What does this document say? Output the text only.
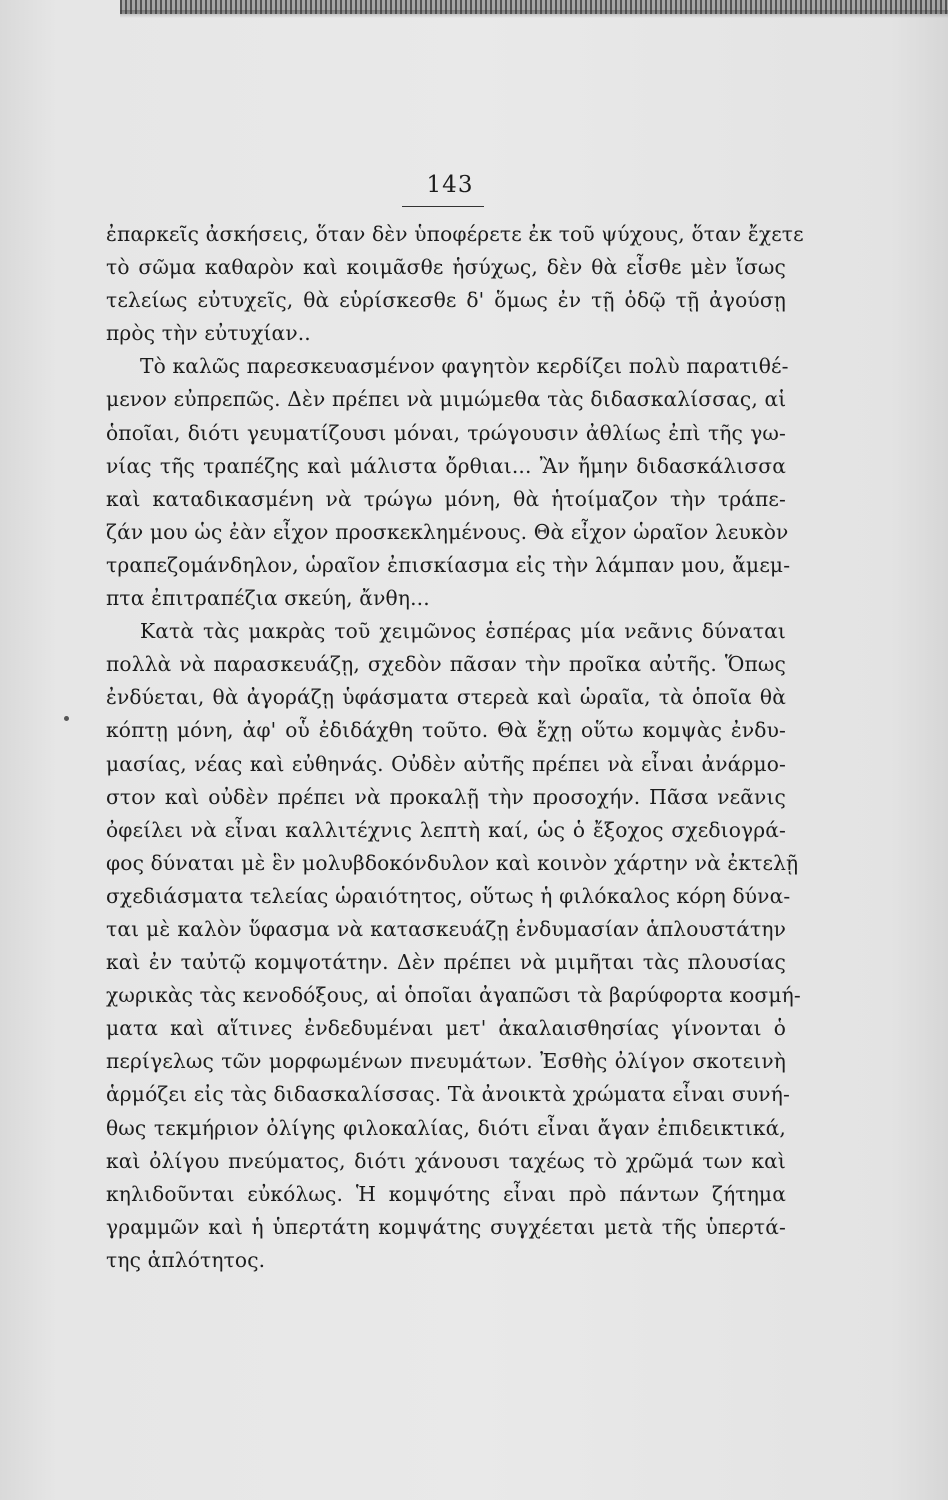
143
ἐπαρκεῖς ἀσκήσεις, ὅταν δὲν ὑποφέρετε ἐκ τοῦ ψύχους, ὅταν ἔχετε
τὸ σῶμα καθαρὸν καὶ κοιμᾶσθε ἡσύχως, δὲν θὰ εἶσθε μὲν ἴσως
τελείως εὐτυχεῖς, θὰ εὑρίσκεσθε δ' ὅμως ἐν τῇ ὁδῷ τῇ ἀγούσῃ
πρὸς τὴν εὐτυχίαν..
Τὸ καλῶς παρεσκευασμένον φαγητὸν κερδίζει πολὺ παρατιθέ-
μενον εὐπρεπῶς. Δὲν πρέπει νὰ μιμώμεθα τὰς διδασκαλίσσας, αἱ
ὁποῖαι, διότι γευματίζουσι μόναι, τρώγουσιν ἀθλίως ἐπὶ τῆς γω-
νίας τῆς τραπέζης καὶ μάλιστα ὄρθιαι... Ἂν ἤμην διδασκάλισσα
καὶ καταδικασμένη νὰ τρώγω μόνη, θὰ ἡτοίμαζον τὴν τράπε-
ζάν μου ὡς ἐὰν εἶχον προσκεκλημένους. Θὰ εἶχον ὡραῖον λευκὸν
τραπεζομάνδηλον, ὡραῖον ἐπισκίασμα εἰς τὴν λάμπαν μου, ἄμεμ-
πτα ἐπιτραπέζια σκεύη, ἄνθη...
Κατὰ τὰς μακρὰς τοῦ χειμῶνος ἑσπέρας μία νεᾶνις δύναται
πολλὰ νὰ παρασκευάζῃ, σχεδὸν πᾶσαν τὴν προῖκα αὐτῆς. Ὅπως
ἐνδύεται, θὰ ἀγοράζῃ ὑφάσματα στερεὰ καὶ ὡραῖα, τὰ ὁποῖα θὰ
κόπτῃ μόνη, ἀφ' οὗ ἐδιδάχθη τοῦτο. Θὰ ἔχῃ οὕτω κομψὰς ἐνδυ-
μασίας, νέας καὶ εὐθηνάς. Οὐδὲν αὐτῆς πρέπει νὰ εἶναι ἀνάρμο-
στον καὶ οὐδὲν πρέπει νὰ προκαλῇ τὴν προσοχήν. Πᾶσα νεᾶνις
ὀφείλει νὰ εἶναι καλλιτέχνις λεπτὴ καί, ὡς ὁ ἔξοχος σχεδιογρά-
φος δύναται μὲ ἓν μολυβδοκόνδυλον καὶ κοινὸν χάρτην νὰ ἐκτελῇ
σχεδιάσματα τελείας ὡραιότητος, οὕτως ἡ φιλόκαλος κόρη δύνα-
ται μὲ καλὸν ὕφασμα νὰ κατασκευάζῃ ἐνδυμασίαν ἁπλουστάτην
καὶ ἐν ταὐτῷ κομψοτάτην. Δὲν πρέπει νὰ μιμῆται τὰς πλουσίας
χωρικὰς τὰς κενοδόξους, αἱ ὁποῖαι ἀγαπῶσι τὰ βαρύφορτα κοσμή-
ματα καὶ αἵτινες ἐνδεδυμέναι μετ' ἀκαλαισθησίας γίνονται ὁ
περίγελως τῶν μορφωμένων πνευμάτων. Ἐσθὴς ὀλίγον σκοτεινὴ
ἁρμόζει εἰς τὰς διδασκαλίσσας. Τὰ ἀνοικτὰ χρώματα εἶναι συνή-
θως τεκμήριον ὀλίγης φιλοκαλίας, διότι εἶναι ἄγαν ἐπιδεικτικά,
καὶ ὀλίγου πνεύματος, διότι χάνουσι ταχέως τὸ χρῶμά των καὶ
κηλιδοῦνται εὐκόλως. Ἡ κομψότης εἶναι πρὸ πάντων ζήτημα
γραμμῶν καὶ ἡ ὑπερτάτη κομψάτης συγχέεται μετὰ τῆς ὑπερτά-
της ἁπλότητος.
